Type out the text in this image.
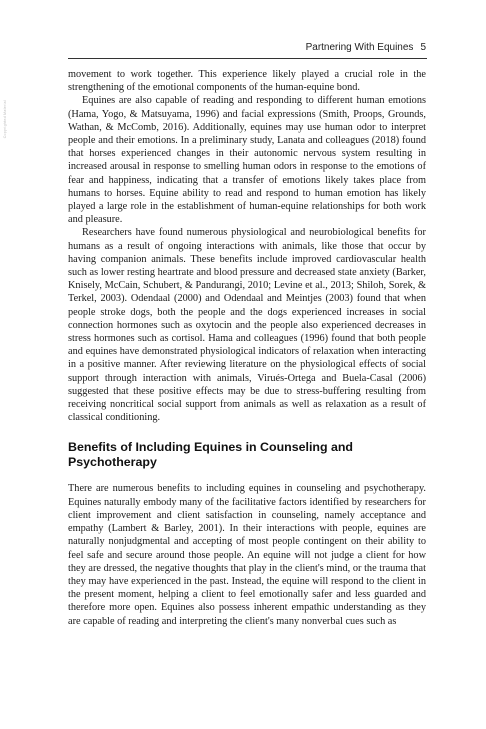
Partnering With Equines 5
Copyrighted Material

movement to work together. This experience likely played a crucial role in the strengthening of the emotional components of the human-equine bond.

Equines are also capable of reading and responding to different human emotions (Hama, Yogo, & Matsuyama, 1996) and facial expressions (Smith, Proops, Grounds, Wathan, & McComb, 2016). Additionally, equines may use human odor to interpret people and their emotions. In a preliminary study, Lanata and colleagues (2018) found that horses experienced changes in their autonomic nervous system resulting in increased arousal in response to smelling human odors in response to the emotions of fear and happiness, indicating that a transfer of emotions likely takes place from humans to horses. Equine ability to read and respond to human emotion has likely played a large role in the establishment of human-equine relationships for both work and pleasure.

Researchers have found numerous physiological and neurobiological benefits for humans as a result of ongoing interactions with animals, like those that occur by having companion animals. These benefits include improved cardiovascular health such as lower resting heartrate and blood pressure and decreased state anxiety (Barker, Knisely, McCain, Schubert, & Pandurangi, 2010; Levine et al., 2013; Shiloh, Sorek, & Terkel, 2003). Odendaal (2000) and Odendaal and Meintjes (2003) found that when people stroke dogs, both the people and the dogs experienced increases in social connection hormones such as oxytocin and the people also experienced decreases in stress hormones such as cortisol. Hama and colleagues (1996) found that both people and equines have demonstrated physiological indicators of relaxation when interacting in a positive manner. After reviewing literature on the physiological effects of social support through interaction with animals, Virués-Ortega and Buela-Casal (2006) suggested that these positive effects may be due to stress-buffering resulting from receiving noncritical social support from animals as well as relaxation as a result of classical conditioning.

Benefits of Including Equines in Counseling and Psychotherapy

There are numerous benefits to including equines in counseling and psychotherapy. Equines naturally embody many of the facilitative factors identified by researchers for client improvement and client satisfaction in counseling, namely acceptance and empathy (Lambert & Barley, 2001). In their interactions with people, equines are naturally nonjudgmental and accepting of most people contingent on their ability to feel safe and secure around those people. An equine will not judge a client for how they are dressed, the negative thoughts that play in the client's mind, or the trauma that they may have experienced in the past. Instead, the equine will respond to the client in the present moment, helping a client to feel emotionally safer and less guarded and therefore more open. Equines also possess inherent empathic understanding as they are capable of reading and interpreting the client's many nonverbal cues such as
